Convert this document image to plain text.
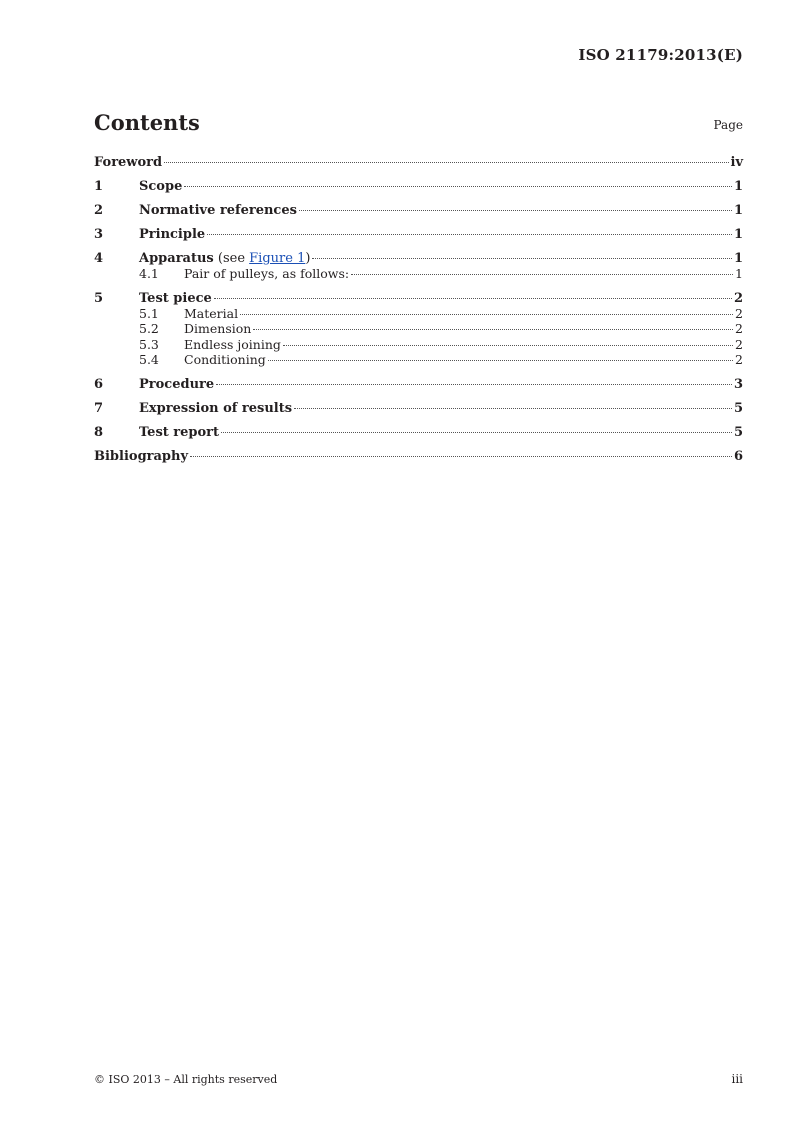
ISO 21179:2013(E)
Contents	Page
Foreword	iv
1	Scope	1
2	Normative references	1
3	Principle	1
4	Apparatus (see Figure 1)	1
4.1	Pair of pulleys, as follows:	1
5	Test piece	2
5.1	Material	2
5.2	Dimension	2
5.3	Endless joining	2
5.4	Conditioning	2
6	Procedure	3
7	Expression of results	5
8	Test report	5
Bibliography	6
© ISO 2013 – All rights reserved	iii
